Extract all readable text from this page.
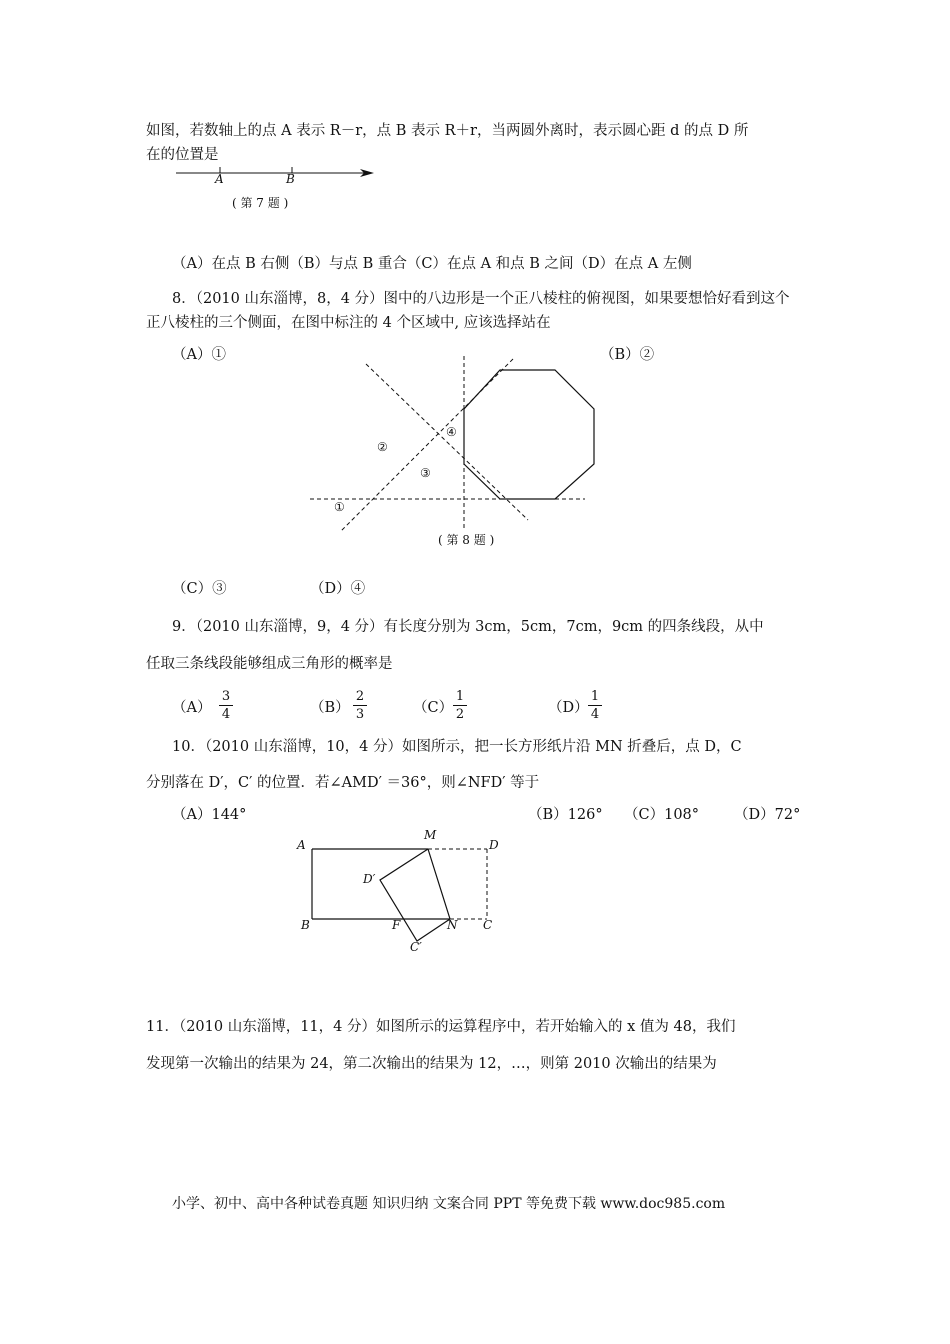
如图，若数轴上的点 A 表示 R－r，点 B 表示 R＋r，当两圆外离时，表示圆心距 d 的点 D 所
在的位置是
A	B
( 第 7 题 )
（A）在点 B 右侧（B）与点 B 重合（C）在点 A 和点 B 之间（D）在点 A 左侧
8．（2010 山东淄博，8，4 分）图中的八边形是一个正八棱柱的俯视图，如果要想恰好看到这个
正八棱柱的三个侧面，在图中标注的 4 个区域中, 应该选择站在
（A）①	（B）②
①
②
③
④
( 第 8 题 )
（C）③	（D）④
9．（2010 山东淄博，9，4 分）有长度分别为 3cm，5cm，7cm，9cm 的四条线段，从中
任取三条线段能够组成三角形的概率是
（A）
3
4	（B）
2
3	（C）
1
2	（D）
1
4
10．（2010 山东淄博，10，4 分）如图所示，把一长方形纸片沿 MN 折叠后，点 D，C
分别落在 D′，C′ 的位置．若∠AMD′ ＝36°，则∠NFD′ 等于
（A）144°	（B）126° （C）108° （D）72°
A
M
D
D′
B	F	N C
C′
11．（2010 山东淄博，11，4 分）如图所示的运算程序中，若开始输入的 x 值为 48，我们
发现第一次输出的结果为 24，第二次输出的结果为 12，…，则第 2010 次输出的结果为
小学、初中、高中各种试卷真题 知识归纳 文案合同 PPT 等免费下载 www.doc985.com
